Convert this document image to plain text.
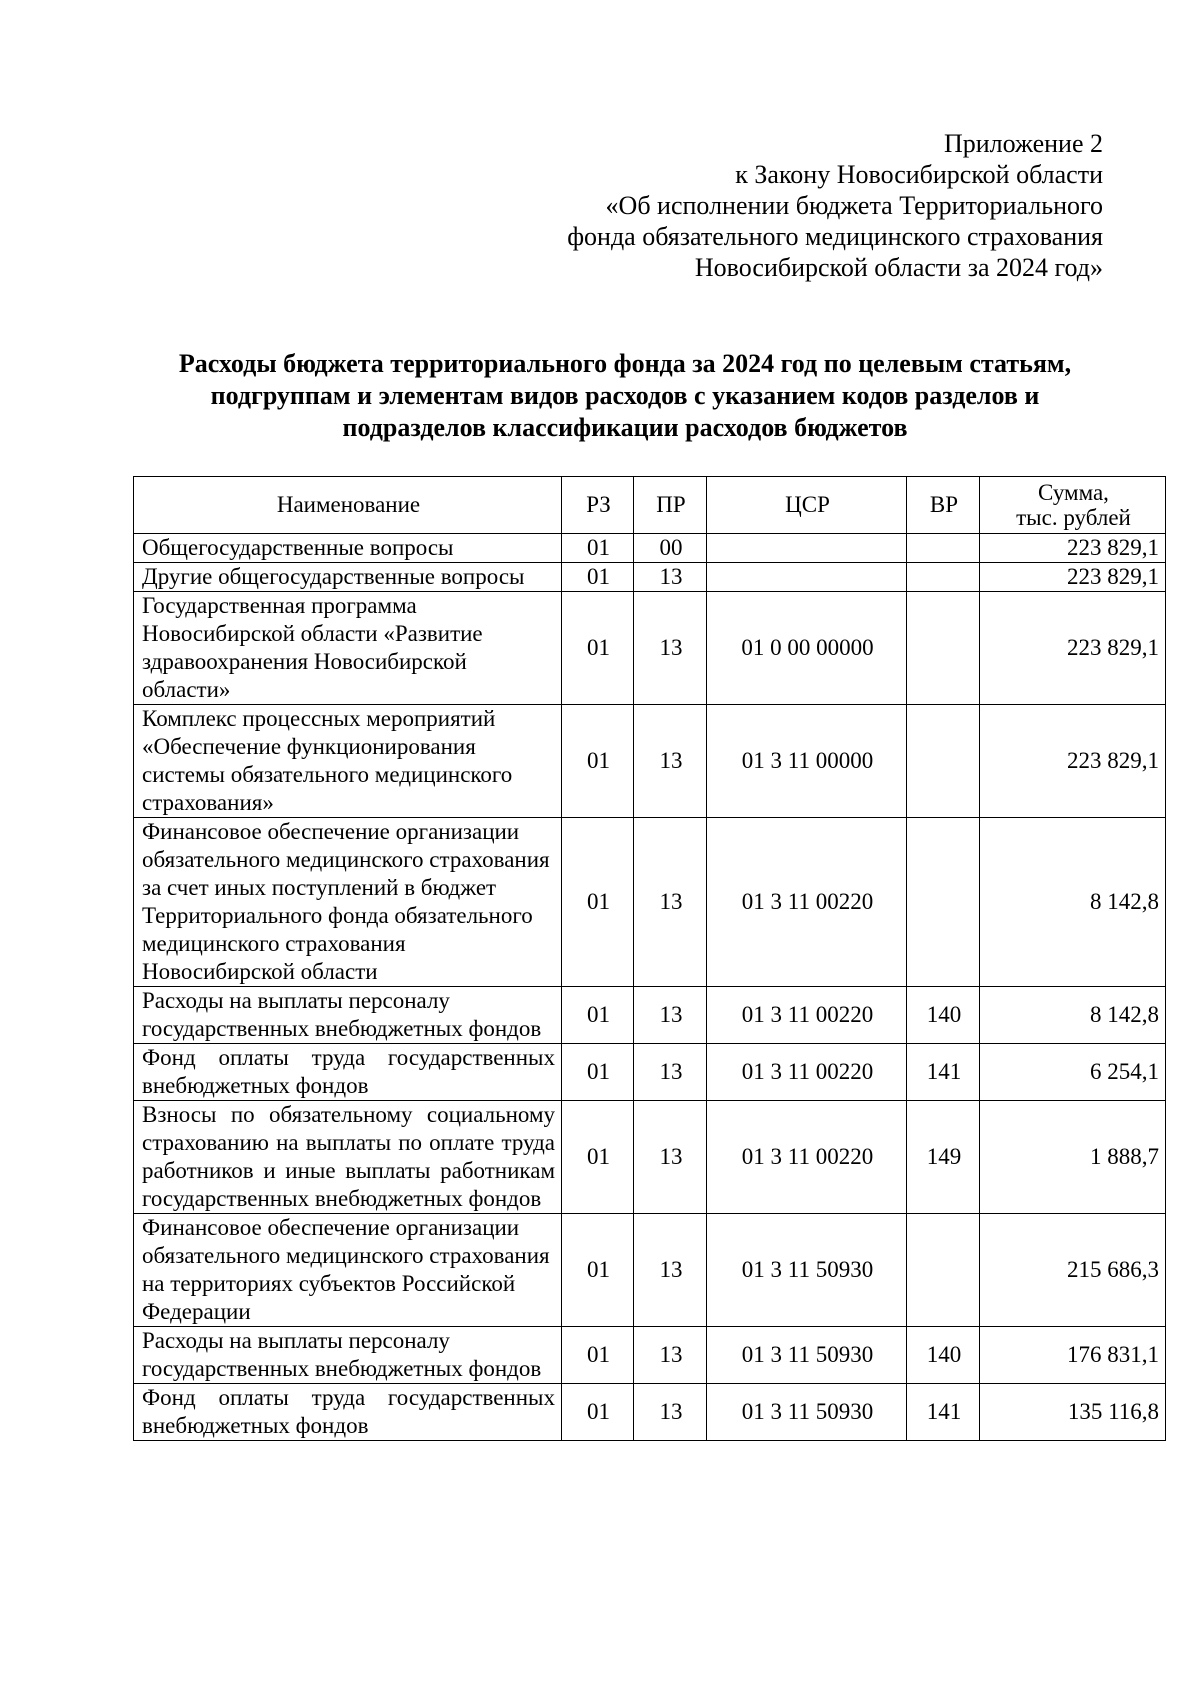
Приложение 2
к Закону Новосибирской области
«Об исполнении бюджета Территориального
фонда обязательного медицинского страхования
Новосибирской области за 2024 год»
Расходы бюджета территориального фонда за 2024 год по целевым статьям,
подгруппам и элементам видов расходов с указанием кодов разделов и
подразделов классификации расходов бюджетов
Наименование	РЗ	ПР	ЦСР	ВР	Сумма,
тыс. рублей

Общегосударственные вопросы	01	00			223 829,1
Другие общегосударственные вопросы	01	13			223 829,1
Государственная программа Новосибирской области «Развитие здравоохранения Новосибирской области»	01	13	01 0 00 00000		223 829,1
Комплекс процессных мероприятий «Обеспечение функционирования системы обязательного медицинского страхования»	01	13	01 3 11 00000		223 829,1
Финансовое обеспечение организации обязательного медицинского страхования за счет иных поступлений в бюджет Территориального фонда обязательного медицинского страхования Новосибирской области	01	13	01 3 11 00220		8 142,8
Расходы на выплаты персоналу государственных внебюджетных фондов	01	13	01 3 11 00220	140	8 142,8
Фонд оплаты труда государственных внебюджетных фондов	01	13	01 3 11 00220	141	6 254,1
Взносы по обязательному социальному страхованию на выплаты по оплате труда работников и иные выплаты работникам государственных внебюджетных фондов	01	13	01 3 11 00220	149	1 888,7
Финансовое обеспечение организации обязательного медицинского страхования на территориях субъектов Российской Федерации	01	13	01 3 11 50930		215 686,3
Расходы на выплаты персоналу государственных внебюджетных фондов	01	13	01 3 11 50930	140	176 831,1
Фонд оплаты труда государственных внебюджетных фондов	01	13	01 3 11 50930	141	135 116,8
